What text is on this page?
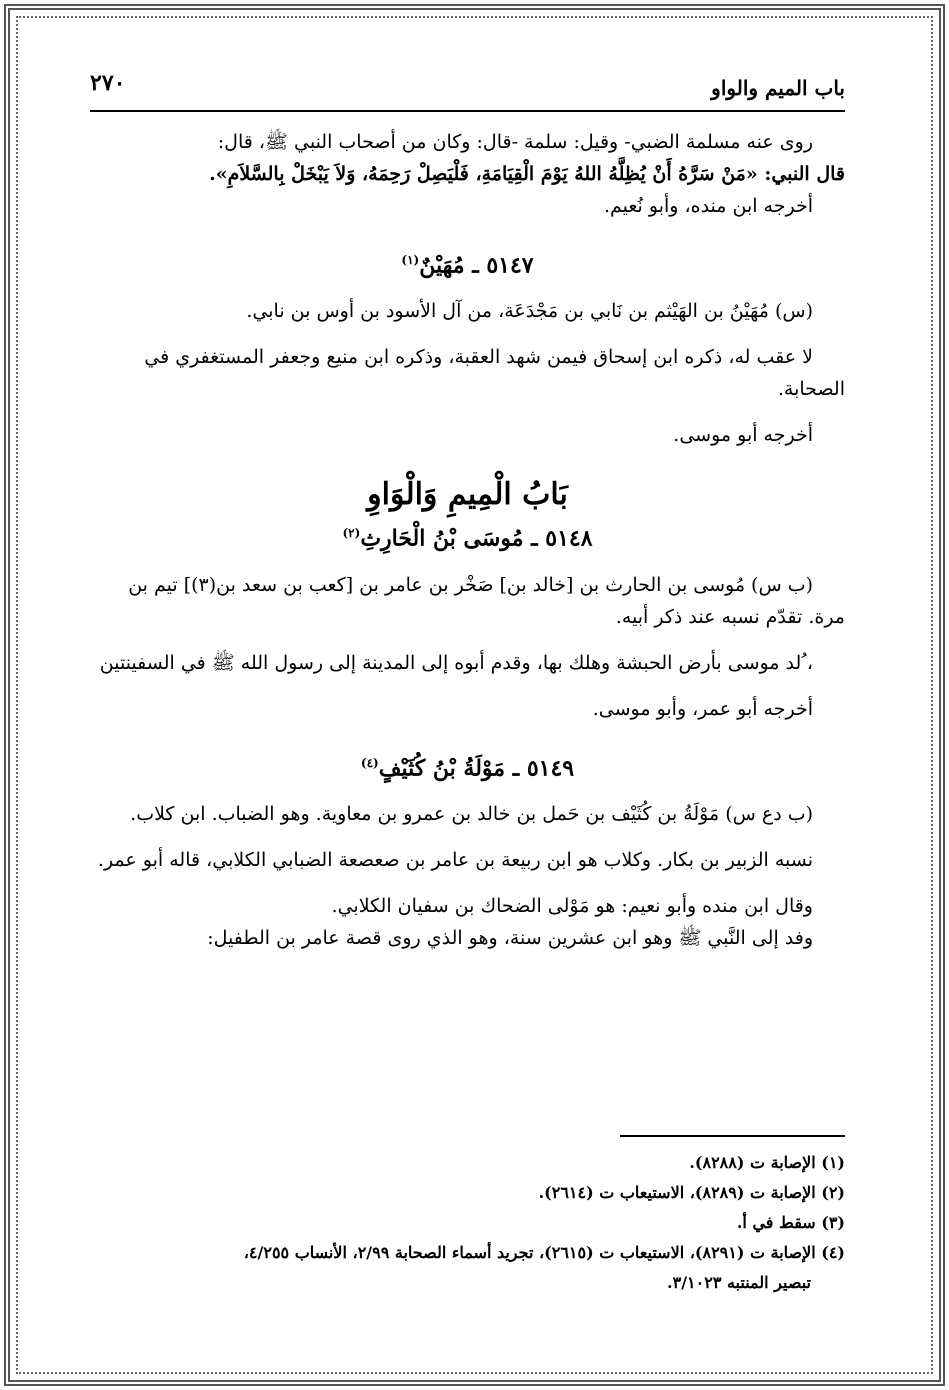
باب الميم والواو
٢٧٠

روى عنه مسلمة الضبي- وقيل: سلمة -قال: وكان من أصحاب النبي ﷺ، قال:

قال النبي: «مَنْ سَرَّهُ أَنْ يُظِلَّهُ اللهُ يَوْمَ الْقِيَامَةِ، فَلْيَصِلْ رَحِمَهُ، وَلاَ يَبْخَلْ بِالسَّلاَمِ».

أخرجه ابن منده، وأبو نُعيم.

٥١٤٧ ـ مُهَيْنٌ$^{(١)}$

(س) مُهَيْنُ بن الهَيْثم بن نَابي بن مَجْدَعَة، من آل الأسود بن أوس بن نابي.

لا عقب له، ذكره ابن إسحاق فيمن شهد العقبة، وذكره ابن منيع وجعفر المستغفري في الصحابة.

أخرجه أبو موسى.

بَابُ الْمِيمِ وَالْوَاوِ

٥١٤٨ ـ مُوسَى بْنُ الْحَارِثِ$^{(٢)}$

(ب س) مُوسى بن الحارث بن [خالد بن] صَخْر بن عامر بن [كعب بن سعد بن(٣)] تيم بن مرة. تقدّم نسبه عند ذكر أبيه.

، ُلد موسى بأرض الحبشة وهلك بها، وقدم أبوه إلى المدينة إلى رسول الله ﷺ في السفينتين

أخرجه أبو عمر، وأبو موسى.

٥١٤٩ ـ مَوْلَةُ بْنُ كُثَيْفٍ$^{(٤)}$

(ب دع س) مَوْلَةُ بن كُثَيْف بن حَمل بن خالد بن عمرو بن معاوية. وهو الضباب. ابن كلاب.

نسبه الزبير بن بكار. وكلاب هو ابن ربيعة بن عامر بن صعصعة الضبابي الكلابي، قاله أبو عمر.

وقال ابن منده وأبو نعيم: هو مَوْلى الضحاك بن سفيان الكلابي.

وفد إلى النَّبي ﷺ وهو ابن عشرين سنة، وهو الذي روى قصة عامر بن الطفيل:

(١) الإصابة ت (٨٢٨٨).

(٢) الإصابة ت (٨٢٨٩)، الاستيعاب ت (٢٦١٤).

(٣) سقط في أ.

(٤) الإصابة ت (٨٢٩١)، الاستيعاب ت (٢٦١٥)، تجريد أسماء الصحابة ٢/٩٩، الأنساب ٤/٢٥٥،

تبصير المنتبه ٣/١٠٢٣.
